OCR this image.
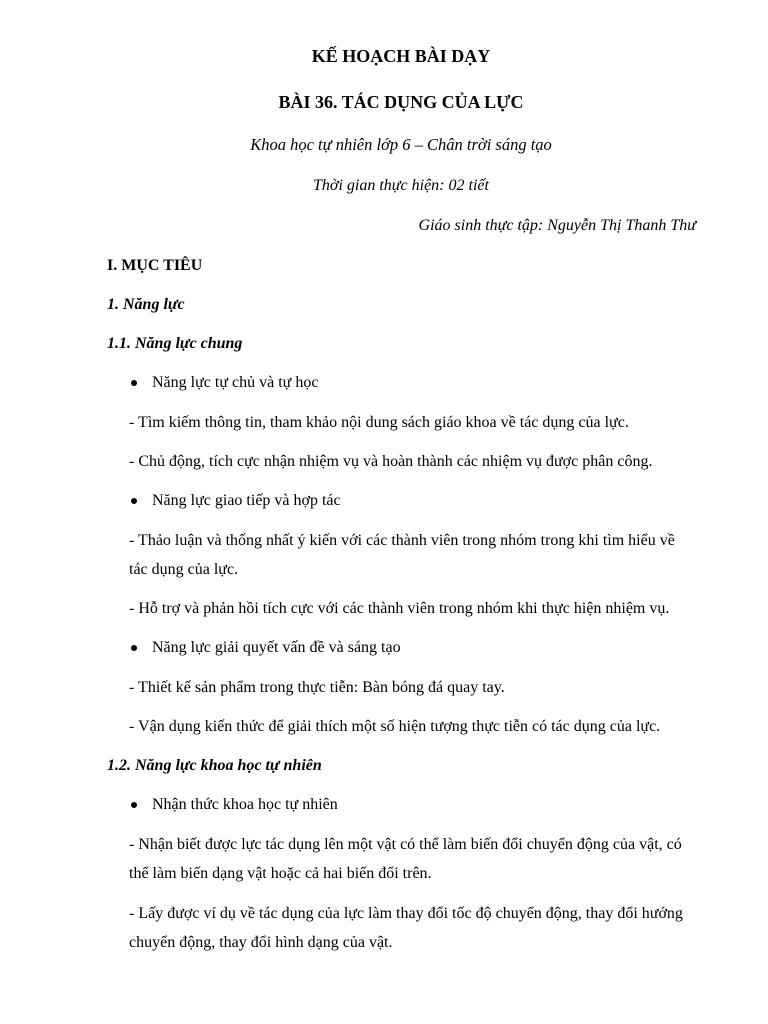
KẾ HOẠCH BÀI DẠY
BÀI 36. TÁC DỤNG CỦA LỰC
Khoa học tự nhiên lớp 6 – Chân trời sáng tạo
Thời gian thực hiện: 02 tiết
Giáo sinh thực tập: Nguyễn Thị Thanh Thư
I. MỤC TIÊU
1. Năng lực
1.1. Năng lực chung
Năng lực tự chủ và tự học
- Tìm kiếm thông tin, tham khảo nội dung sách giáo khoa về tác dụng của lực.
- Chủ động, tích cực nhận nhiệm vụ và hoàn thành các nhiệm vụ được phân công.
Năng lực giao tiếp và hợp tác
- Thảo luận và thống nhất ý kiến với các thành viên trong nhóm trong khi tìm hiểu về
tác dụng của lực.
- Hỗ trợ và phản hồi tích cực với các thành viên trong nhóm khi thực hiện nhiệm vụ.
Năng lực giải quyết vấn đề và sáng tạo
- Thiết kế sản phẩm trong thực tiễn: Bàn bóng đá quay tay.
- Vận dụng kiến thức để giải thích một số hiện tượng thực tiễn có tác dụng của lực.
1.2. Năng lực khoa học tự nhiên
Nhận thức khoa học tự nhiên
- Nhận biết được lực tác dụng lên một vật có thể làm biến đổi chuyển động của vật, có
thể làm biến dạng vật hoặc cả hai biến đổi trên.
- Lấy được ví dụ về tác dụng của lực làm thay đổi tốc độ chuyển động, thay đổi hướng
chuyển động, thay đổi hình dạng của vật.
